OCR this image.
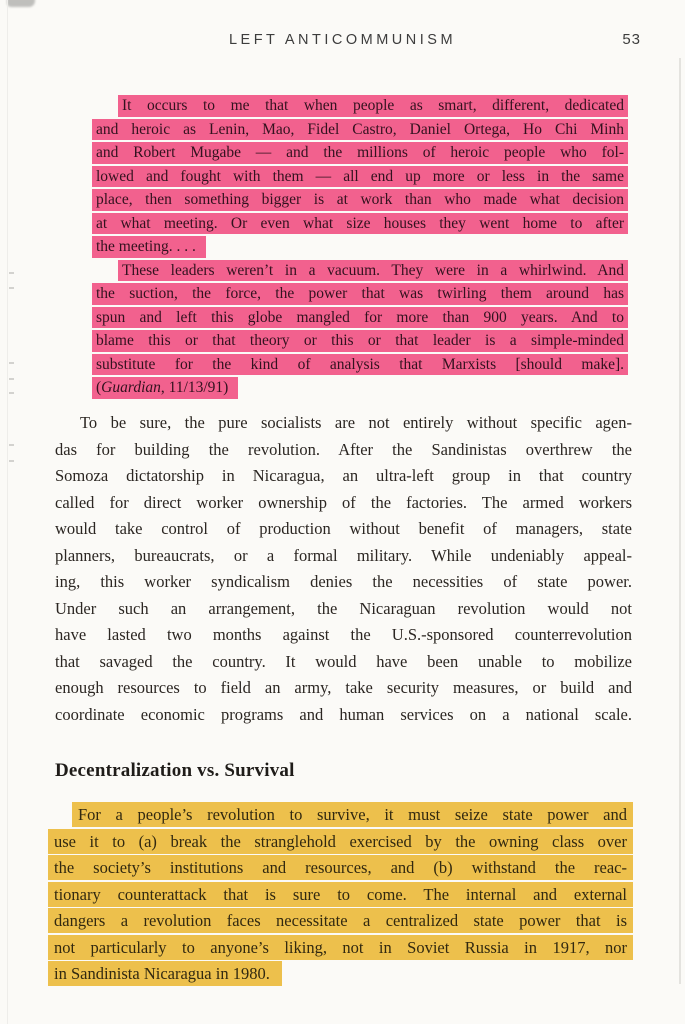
LEFT ANTICOMMUNISM	53
It occurs to me that when people as smart, different, dedicated
and heroic as Lenin, Mao, Fidel Castro, Daniel Ortega, Ho Chi Minh
and Robert Mugabe — and the millions of heroic people who fol-
lowed and fought with them — all end up more or less in the same
place, then something bigger is at work than who made what decision
at what meeting. Or even what size houses they went home to after
the meeting. . . .
These leaders weren’t in a vacuum. They were in a whirlwind. And
the suction, the force, the power that was twirling them around has
spun and left this globe mangled for more than 900 years. And to
blame this or that theory or this or that leader is a simple-minded
substitute for the kind of analysis that Marxists [should make].
(Guardian, 11/13/91)
To be sure, the pure socialists are not entirely without specific agen-
das for building the revolution. After the Sandinistas overthrew the
Somoza dictatorship in Nicaragua, an ultra-left group in that country
called for direct worker ownership of the factories. The armed workers
would take control of production without benefit of managers, state
planners, bureaucrats, or a formal military. While undeniably appeal-
ing, this worker syndicalism denies the necessities of state power.
Under such an arrangement, the Nicaraguan revolution would not
have lasted two months against the U.S.-sponsored counterrevolution
that savaged the country. It would have been unable to mobilize
enough resources to field an army, take security measures, or build and
coordinate economic programs and human services on a national scale.
Decentralization vs. Survival
For a people’s revolution to survive, it must seize state power and
use it to (a) break the stranglehold exercised by the owning class over
the society’s institutions and resources, and (b) withstand the reac-
tionary counterattack that is sure to come. The internal and external
dangers a revolution faces necessitate a centralized state power that is
not particularly to anyone’s liking, not in Soviet Russia in 1917, nor
in Sandinista Nicaragua in 1980.
